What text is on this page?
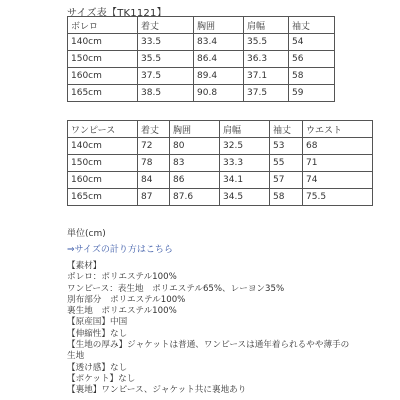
サイズ表【TK1121】
ボレロ	着丈	胸囲	肩幅	袖丈
140cm	33.5	83.4	35.5	54
150cm	35.5	86.4	36.3	56
160cm	37.5	89.4	37.1	58
165cm	38.5	90.8	37.5	59
ワンピース	着丈	胸囲	肩幅	袖丈	ウエスト
140cm	72	80	32.5	53	68
150cm	78	83	33.3	55	71
160cm	84	86	34.1	57	74
165cm	87	87.6	34.5	58	75.5
単位(cm)
⇒サイズの計り方はこちら
【素材】
ボレロ：ポリエステル100%
ワンピース：表生地　ポリエステル65%、レーヨン35%
別布部分　ポリエステル100%
裏生地　ポリエステル100%
【原産国】中国
【伸縮性】なし
【生地の厚み】ジャケットは普通、ワンピースは通年着られるやや薄手の
生地
【透け感】なし
【ポケット】なし
【裏地】ワンピース、ジャケット共に裏地あり
